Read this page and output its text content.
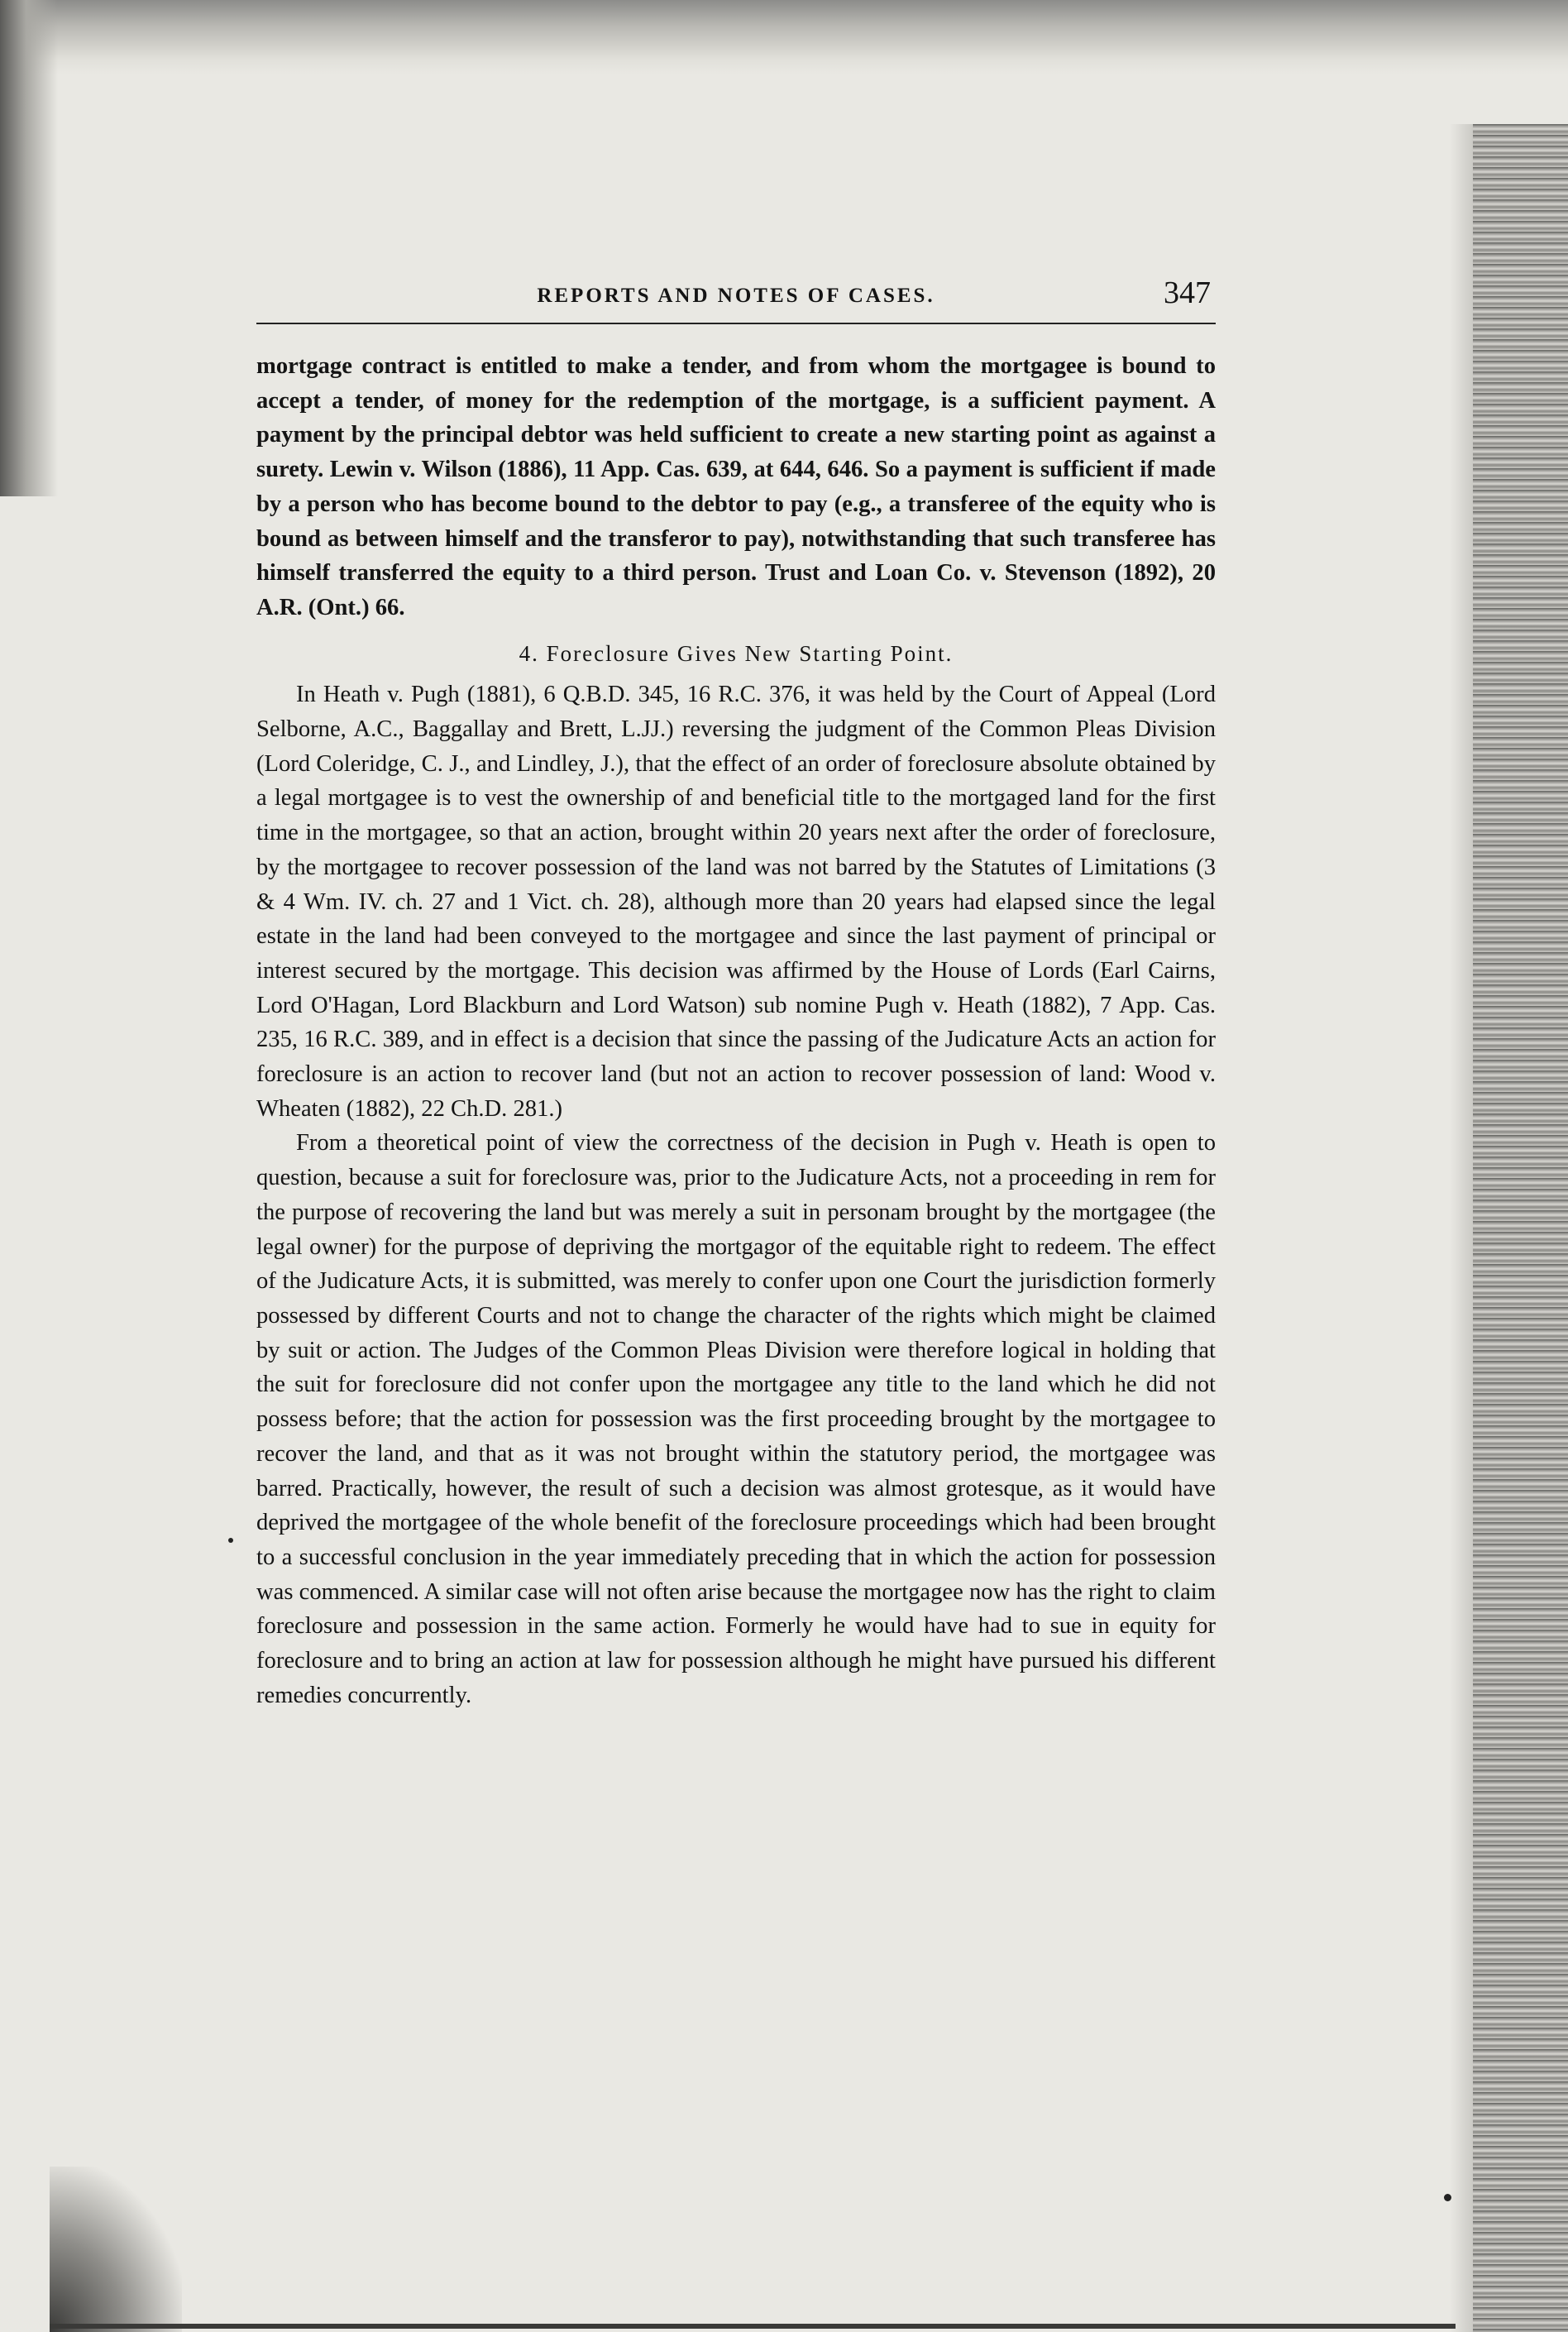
REPORTS AND NOTES OF CASES.	347

mortgage contract is entitled to make a tender, and from whom the mortgagee is bound to accept a tender, of money for the redemption of the mortgage, is a sufficient payment. A payment by the principal debtor was held sufficient to create a new starting point as against a surety. Lewin v. Wilson (1886), 11 App. Cas. 639, at 644, 646. So a payment is sufficient if made by a person who has become bound to the debtor to pay (e.g., a transferee of the equity who is bound as between himself and the transferor to pay), notwithstanding that such transferee has himself transferred the equity to a third person. Trust and Loan Co. v. Stevenson (1892), 20 A.R. (Ont.) 66.

4. Foreclosure Gives New Starting Point.

In Heath v. Pugh (1881), 6 Q.B.D. 345, 16 R.C. 376, it was held by the Court of Appeal (Lord Selborne, A.C., Baggallay and Brett, L.JJ.) reversing the judgment of the Common Pleas Division (Lord Coleridge, C. J., and Lindley, J.), that the effect of an order of foreclosure absolute obtained by a legal mortgagee is to vest the ownership of and beneficial title to the mortgaged land for the first time in the mortgagee, so that an action, brought within 20 years next after the order of foreclosure, by the mortgagee to recover possession of the land was not barred by the Statutes of Limitations (3 & 4 Wm. IV. ch. 27 and 1 Vict. ch. 28), although more than 20 years had elapsed since the legal estate in the land had been conveyed to the mortgagee and since the last payment of principal or interest secured by the mortgage. This decision was affirmed by the House of Lords (Earl Cairns, Lord O'Hagan, Lord Blackburn and Lord Watson) sub nomine Pugh v. Heath (1882), 7 App. Cas. 235, 16 R.C. 389, and in effect is a decision that since the passing of the Judicature Acts an action for foreclosure is an action to recover land (but not an action to recover possession of land: Wood v. Wheaten (1882), 22 Ch.D. 281.)

From a theoretical point of view the correctness of the decision in Pugh v. Heath is open to question, because a suit for foreclosure was, prior to the Judicature Acts, not a proceeding in rem for the purpose of recovering the land but was merely a suit in personam brought by the mortgagee (the legal owner) for the purpose of depriving the mortgagor of the equitable right to redeem. The effect of the Judicature Acts, it is submitted, was merely to confer upon one Court the jurisdiction formerly possessed by different Courts and not to change the character of the rights which might be claimed by suit or action. The Judges of the Common Pleas Division were therefore logical in holding that the suit for foreclosure did not confer upon the mortgagee any title to the land which he did not possess before; that the action for possession was the first proceeding brought by the mortgagee to recover the land, and that as it was not brought within the statutory period, the mortgagee was barred. Practically, however, the result of such a decision was almost grotesque, as it would have deprived the mortgagee of the whole benefit of the foreclosure proceedings which had been brought to a successful conclusion in the year immediately preceding that in which the action for possession was commenced. A similar case will not often arise because the mortgagee now has the right to claim foreclosure and possession in the same action. Formerly he would have had to sue in equity for foreclosure and to bring an action at law for possession although he might have pursued his different remedies concurrently.
